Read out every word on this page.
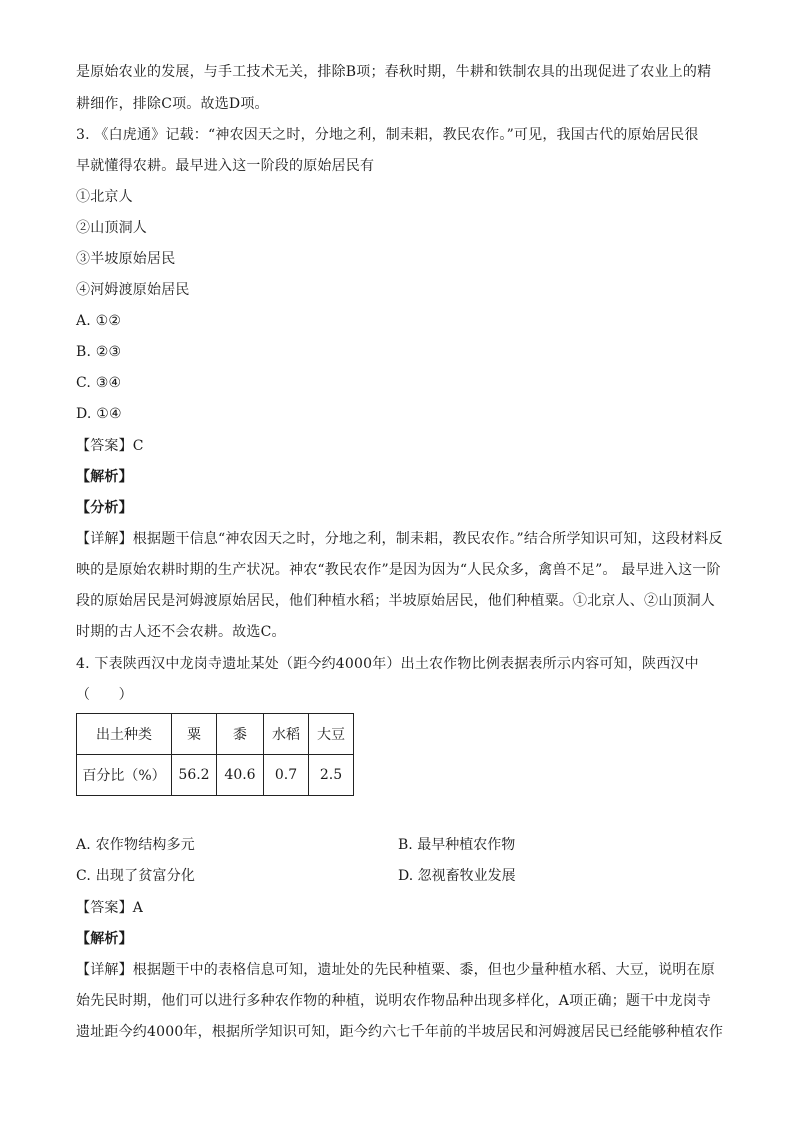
是原始农业的发展，与手工技术无关，排除B项；春秋时期，牛耕和铁制农具的出现促进了农业上的精
耕细作，排除C项。故选D项。
3. 《白虎通》记载：“神农因天之时，分地之利，制耒耜，教民农作。”可见，我国古代的原始居民很
早就懂得农耕。最早进入这一阶段的原始居民有
①北京人
②山顶洞人
③半坡原始居民
④河姆渡原始居民
A. ①②
B. ②③
C. ③④
D. ①④
【答案】C
【解析】
【分析】
【详解】根据题干信息“神农因天之时，分地之利，制耒耜，教民农作。”结合所学知识可知，这段材料反
映的是原始农耕时期的生产状况。神农“教民农作”是因为因为“人民众多，禽兽不足”。 最早进入这一阶
段的原始居民是河姆渡原始居民，他们种植水稻；半坡原始居民，他们种植粟。①北京人、②山顶洞人
时期的古人还不会农耕。故选C。
4. 下表陕西汉中龙岗寺遗址某处（距今约4000年）出土农作物比例表据表所示内容可知，陕西汉中
（　　）
出土种类	粟	黍	水稻	大豆
百分比（%）	56.2	40.6	0.7	2.5
A. 农作物结构多元	B. 最早种植农作物
C. 出现了贫富分化	D. 忽视畜牧业发展
【答案】A
【解析】
【详解】根据题干中的表格信息可知，遗址处的先民种植粟、黍，但也少量种植水稻、大豆，说明在原
始先民时期，他们可以进行多种农作物的种植，说明农作物品种出现多样化，A项正确；题干中龙岗寺
遗址距今约4000年，根据所学知识可知，距今约六七千年前的半坡居民和河姆渡居民已经能够种植农作
